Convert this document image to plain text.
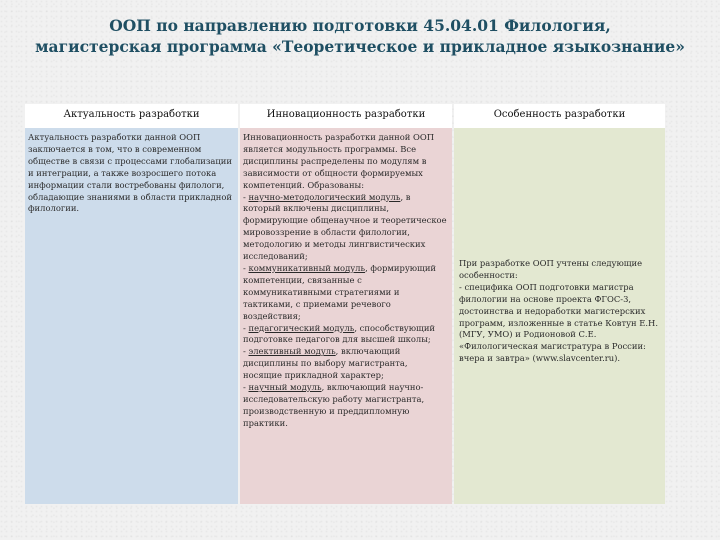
ООП по направлению подготовки 45.04.01 Филология,
магистерская программа «Теоретическое и прикладное языкознание»
Актуальность разработки	Инновационность разработки	Особенность разработки
Актуальность разработки данной ООП заключается в том, что в современном обществе в связи с процессами глобализации и интеграции, а также возросшего потока информации стали востребованы филологи, обладающие знаниями в области прикладной филологии.

Инновационность разработки данной ООП является модульность программы. Все дисциплины распределены по модулям в зависимости от общности формируемых компетенций. Образованы:

- научно-методологический модуль, в который включены дисциплины, формирующие общенаучное и теоретическое мировоззрение в области филологии, методологию и методы лингвистических исследований;

- коммуникативный модуль, формирующий компетенции, связанные с коммуникативными стратегиями и тактиками, с приемами речевого воздействия;

- педагогический модуль, способствующий подготовке педагогов для высшей школы;

- элективный модуль, включающий дисциплины по выбору магистранта, носящие прикладной характер;

- научный модуль, включающий научно-исследовательскую работу магистранта, производственную и преддипломную практики.

При разработке ООП учтены следующие особенности:

- специфика ООП подготовки магистра филологии на основе проекта ФГОС-3, достоинства и недоработки магистерских программ, изложенные в статье Ковтун Е.Н. (МГУ, УМО) и Родионовой С.Е. «Филологическая магистратура в России: вчера и завтра» (www.slavcenter.ru).
